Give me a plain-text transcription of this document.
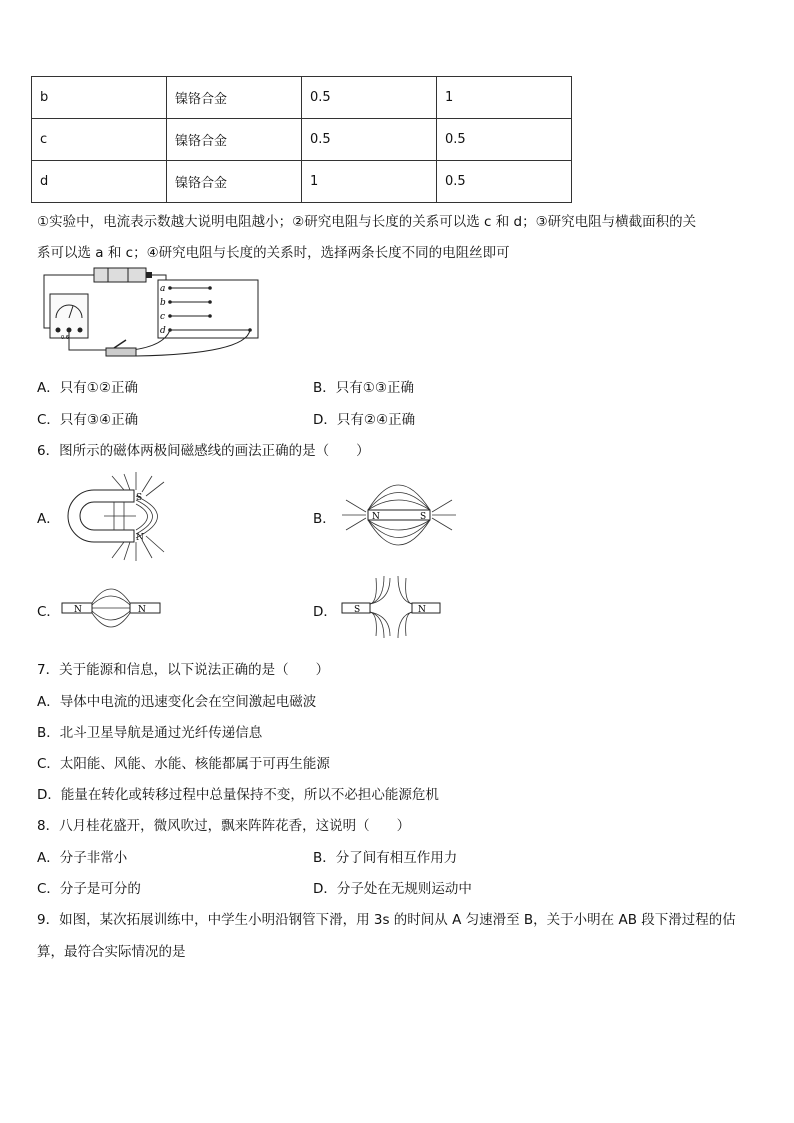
b	镍铬合金	0.5	1
c	镍铬合金	0.5	0.5
d	镍铬合金	1	0.5
①实验中，电流表示数越大说明电阻越小；②研究电阻与长度的关系可以选 c 和 d；③研究电阻与横截面积的关
系可以选 a 和 c；④研究电阻与长度的关系时，选择两条长度不同的电阻丝即可
0.6
a
b
c
d
A．只有①②正确	B．只有①③正确
C．只有③④正确	D．只有②④正确
6．图所示的磁体两极间磁感线的画法正确的是（　　）
A．
S
N
B．	N	S
C． N	N	D． S	N
7．关于能源和信息，以下说法正确的是（　　）
A．导体中电流的迅速变化会在空间激起电磁波
B．北斗卫星导航是通过光纤传递信息
C．太阳能、风能、水能、核能都属于可再生能源
D．能量在转化或转移过程中总量保持不变，所以不必担心能源危机
8．八月桂花盛开，微风吹过，飘来阵阵花香，这说明（　　）
A．分子非常小	B．分了间有相互作用力
C．分子是可分的	D．分子处在无规则运动中
9．如图，某次拓展训练中，中学生小明沿钢管下滑，用 3s 的时间从 A 匀速滑至 B，关于小明在 AB 段下滑过程的估
算，最符合实际情况的是
